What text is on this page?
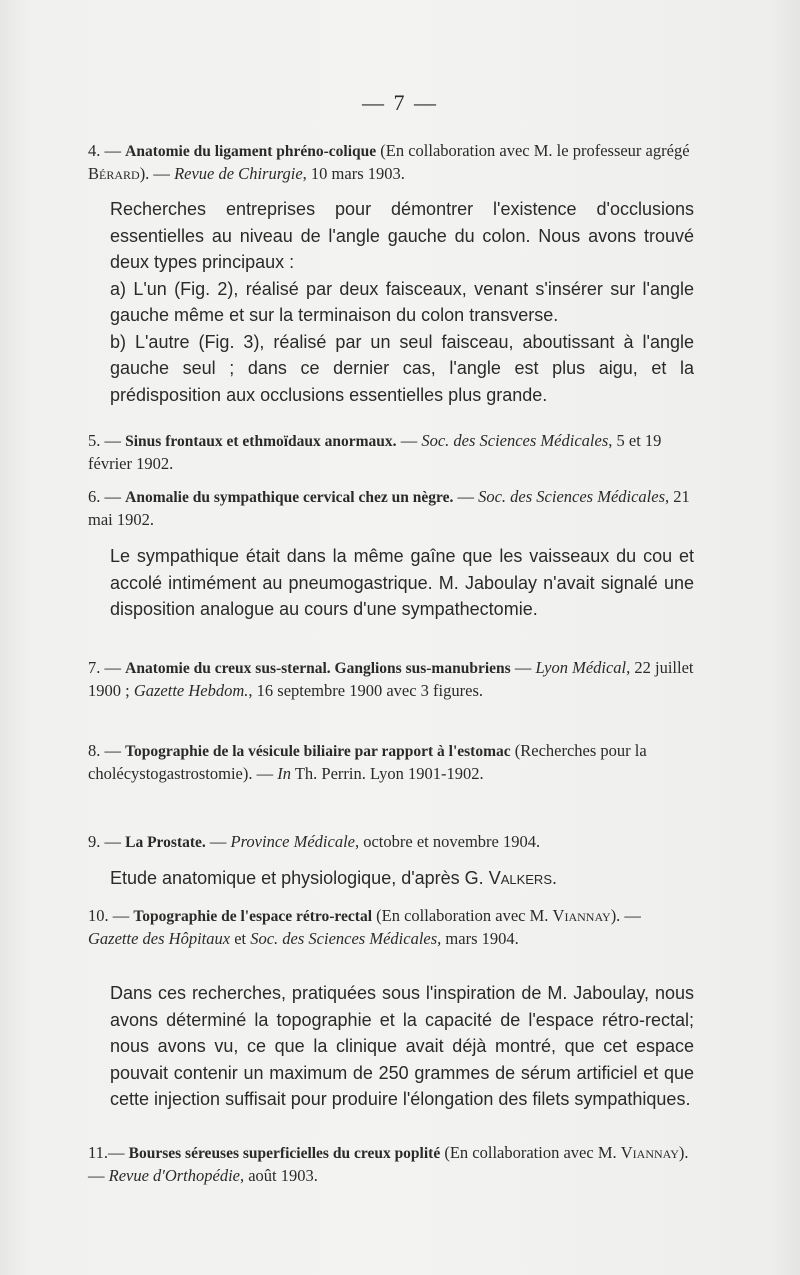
— 7 —
4. — Anatomie du ligament phréno-colique (En collaboration avec M. le professeur agrégé Bérard). — Revue de Chirurgie, 10 mars 1903.

Recherches entreprises pour démontrer l'existence d'occlusions essentielles au niveau de l'angle gauche du colon. Nous avons trouvé deux types principaux :

a) L'un (Fig. 2), réalisé par deux faisceaux, venant s'insérer sur l'angle gauche même et sur la terminaison du colon transverse.

b) L'autre (Fig. 3), réalisé par un seul faisceau, aboutissant à l'angle gauche seul ; dans ce dernier cas, l'angle est plus aigu, et la prédisposition aux occlusions essentielles plus grande.

5. — Sinus frontaux et ethmoïdaux anormaux. — Soc. des Sciences Médicales, 5 et 19 février 1902.
6. — Anomalie du sympathique cervical chez un nègre. — Soc. des Sciences Médicales, 21 mai 1902.

Le sympathique était dans la même gaîne que les vaisseaux du cou et accolé intimément au pneumogastrique. M. Jaboulay n'avait signalé une disposition analogue au cours d'une sympathectomie.

7. — Anatomie du creux sus-sternal. Ganglions sus-manubriens — Lyon Médical, 22 juillet 1900 ; Gazette Hebdom., 16 septembre 1900 avec 3 figures.
8. — Topographie de la vésicule biliaire par rapport à l'estomac (Recherches pour la cholécystogastrostomie). — In Th. Perrin. Lyon 1901-1902.
9. — La Prostate. — Province Médicale, octobre et novembre 1904.

Etude anatomique et physiologique, d'après G. Valkers.

10. — Topographie de l'espace rétro-rectal (En collaboration avec M. Viannay). — Gazette des Hôpitaux et Soc. des Sciences Médicales, mars 1904.

Dans ces recherches, pratiquées sous l'inspiration de M. Jaboulay, nous avons déterminé la topographie et la capacité de l'espace rétro-rectal; nous avons vu, ce que la clinique avait déjà montré, que cet espace pouvait contenir un maximum de 250 grammes de sérum artificiel et que cette injection suffisait pour produire l'élongation des filets sympathiques.

11.— Bourses séreuses superficielles du creux poplité (En collaboration avec M. Viannay). — Revue d'Orthopédie, août 1903.
